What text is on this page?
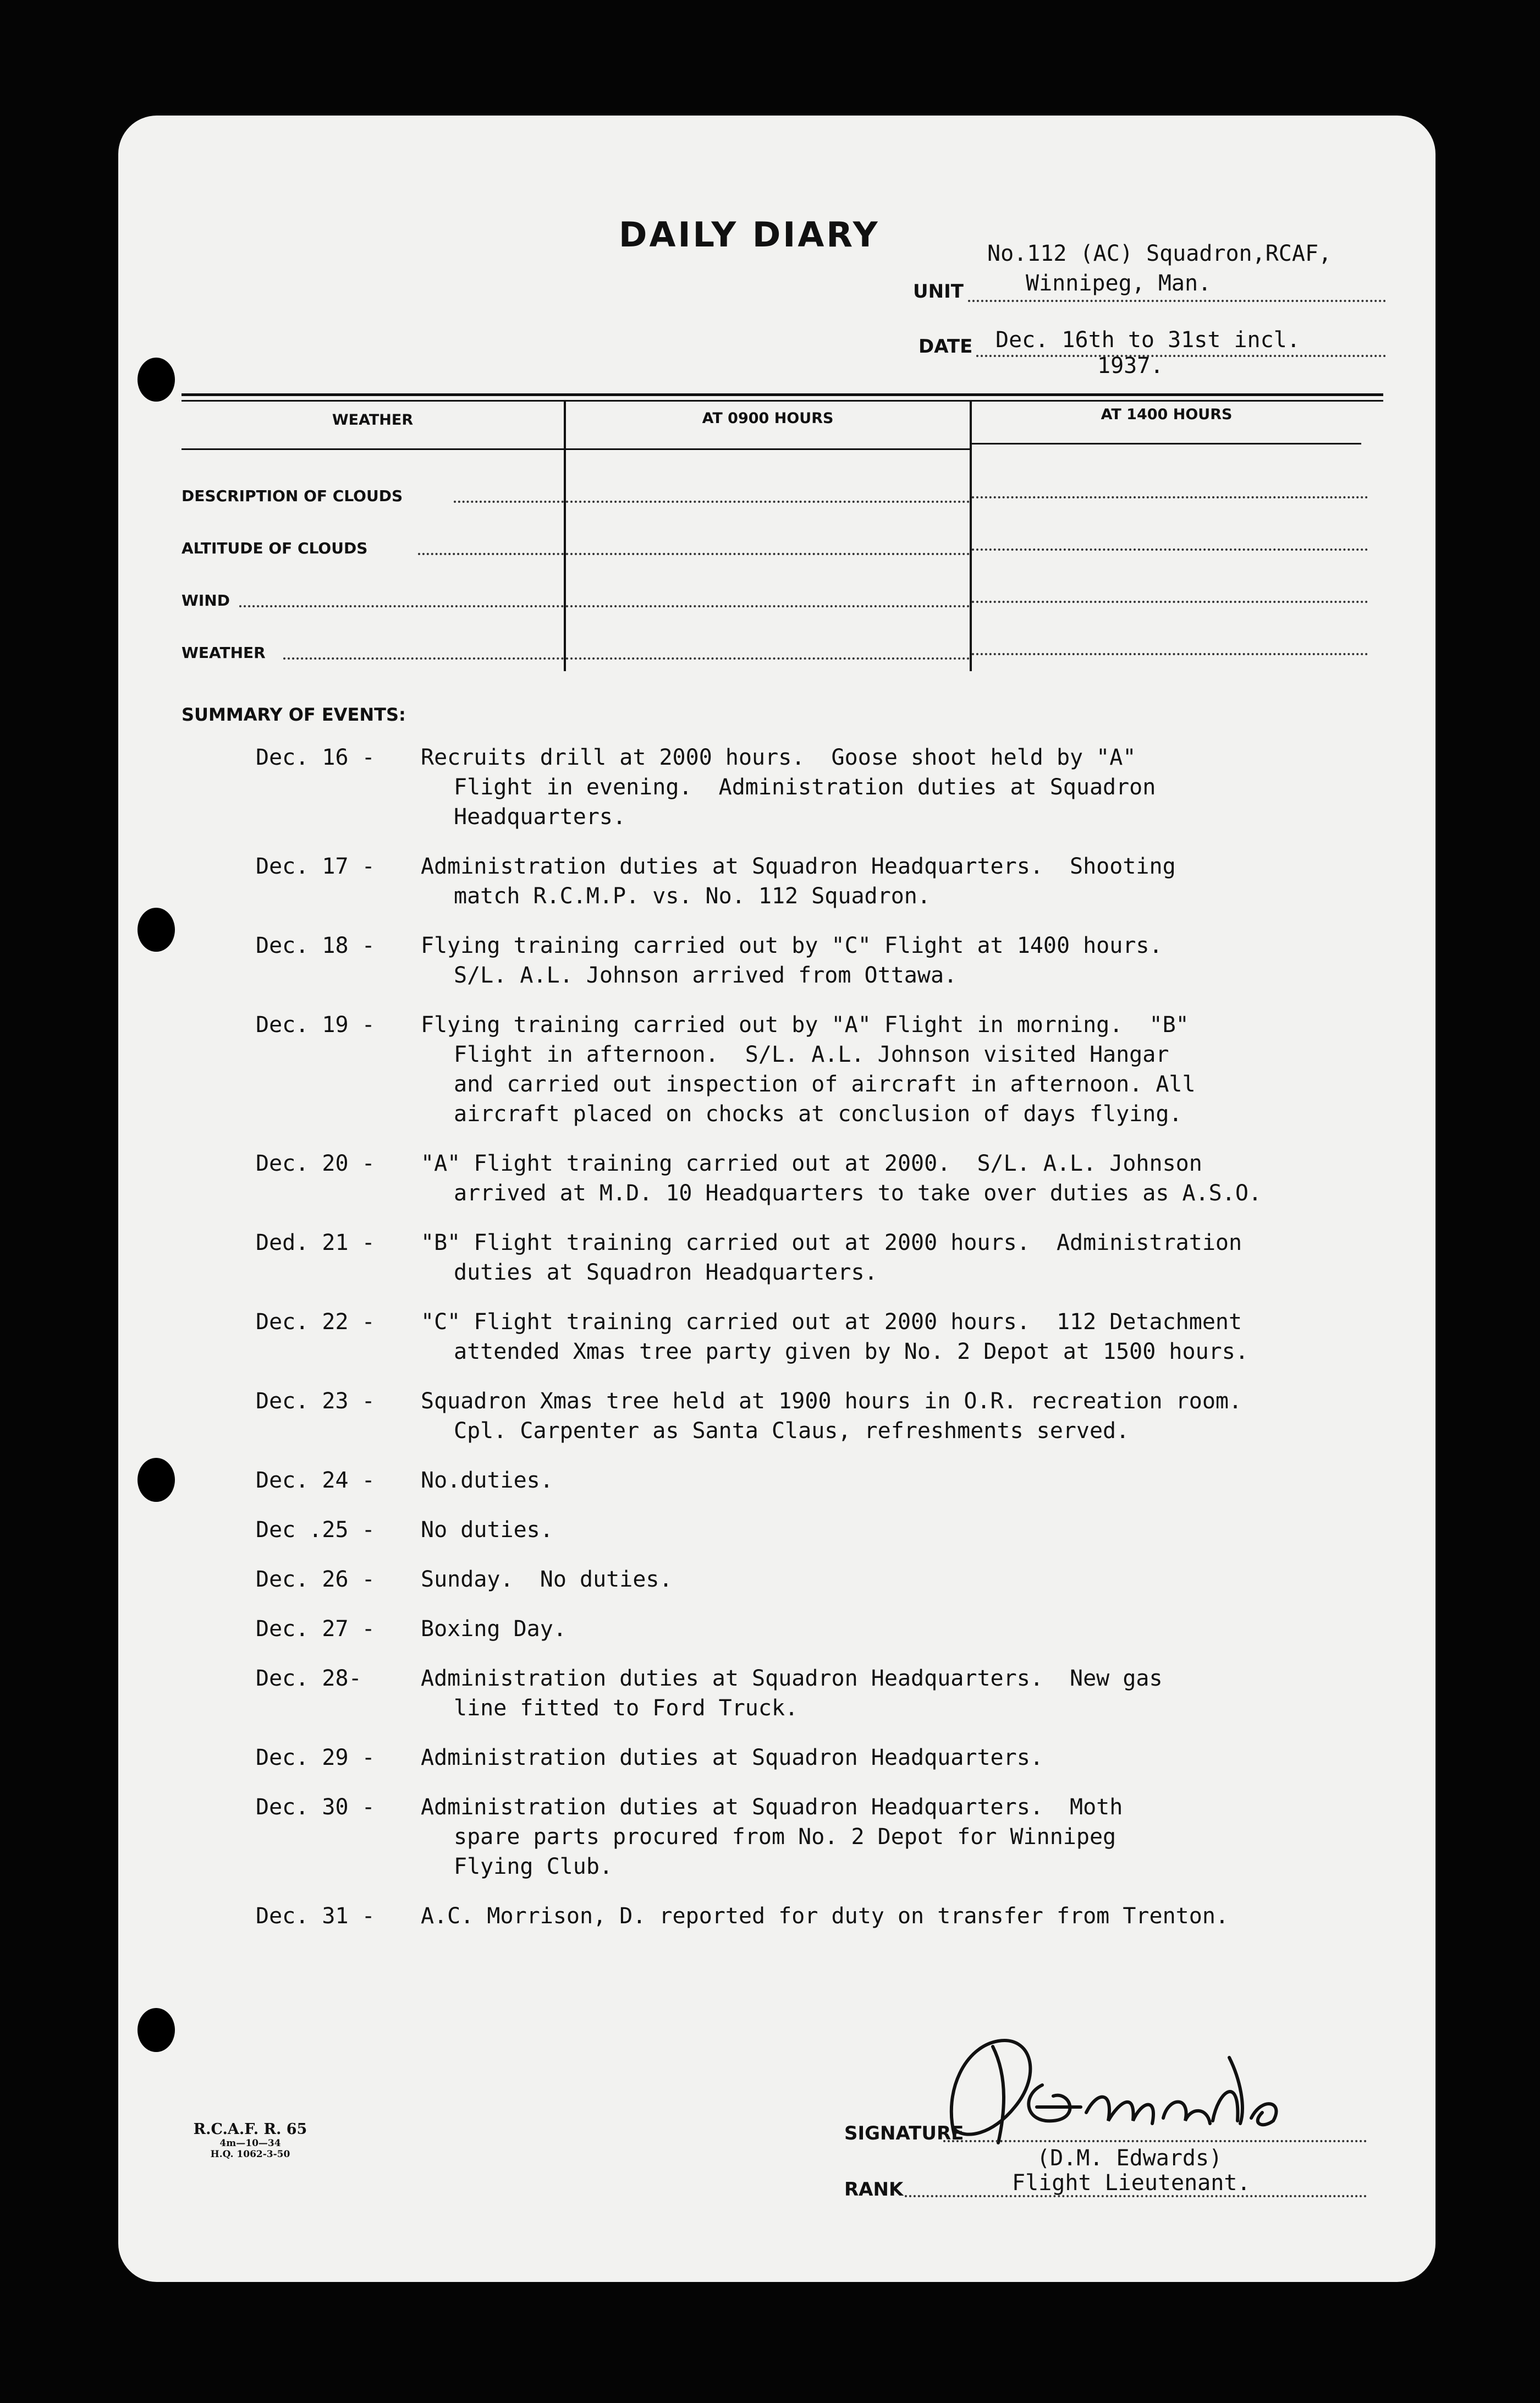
DAILY DIARY	No.112 (AC) Squadron,RCAF,
UNIT	Winnipeg, Man.
DATE Dec. 16th to 31st incl.
1937.
WEATHER	AT 0900 HOURS	AT 1400 HOURS
DESCRIPTION OF CLOUDS
ALTITUDE OF CLOUDS
WIND
WEATHER
SUMMARY OF EVENTS:
Dec. 16 -	Recruits drill at 2000 hours.  Goose shoot held by "A"
Flight in evening.  Administration duties at Squadron
Headquarters.
Dec. 17 -	Administration duties at Squadron Headquarters.  Shooting
match R.C.M.P. vs. No. 112 Squadron.
Dec. 18 -	Flying training carried out by "C" Flight at 1400 hours.
S/L. A.L. Johnson arrived from Ottawa.
Dec. 19 -	Flying training carried out by "A" Flight in morning.  "B"
Flight in afternoon.  S/L. A.L. Johnson visited Hangar
and carried out inspection of aircraft in afternoon. All
aircraft placed on chocks at conclusion of days flying.
Dec. 20 -	"A" Flight training carried out at 2000.  S/L. A.L. Johnson
arrived at M.D. 10 Headquarters to take over duties as A.S.O.
Ded. 21 -	"B" Flight training carried out at 2000 hours.  Administration
duties at Squadron Headquarters.
Dec. 22 -	"C" Flight training carried out at 2000 hours.  112 Detachment
attended Xmas tree party given by No. 2 Depot at 1500 hours.
Dec. 23 -	Squadron Xmas tree held at 1900 hours in O.R. recreation room.
Cpl. Carpenter as Santa Claus, refreshments served.
Dec. 24 -	No.duties.
Dec .25 -	No duties.
Dec. 26 -	Sunday.  No duties.
Dec. 27 -	Boxing Day.
Dec. 28-	Administration duties at Squadron Headquarters.  New gas
line fitted to Ford Truck.
Dec. 29 -	Administration duties at Squadron Headquarters.
Dec. 30 -	Administration duties at Squadron Headquarters.  Moth
spare parts procured from No. 2 Depot for Winnipeg
Flying Club.
Dec. 31 -	A.C. Morrison, D. reported for duty on transfer from Trenton.
R.C.A.F. R. 65
4m—10—34
H.Q. 1062-3-50
SIGNATURE
(D.M. Edwards)
RANK	Flight Lieutenant.
